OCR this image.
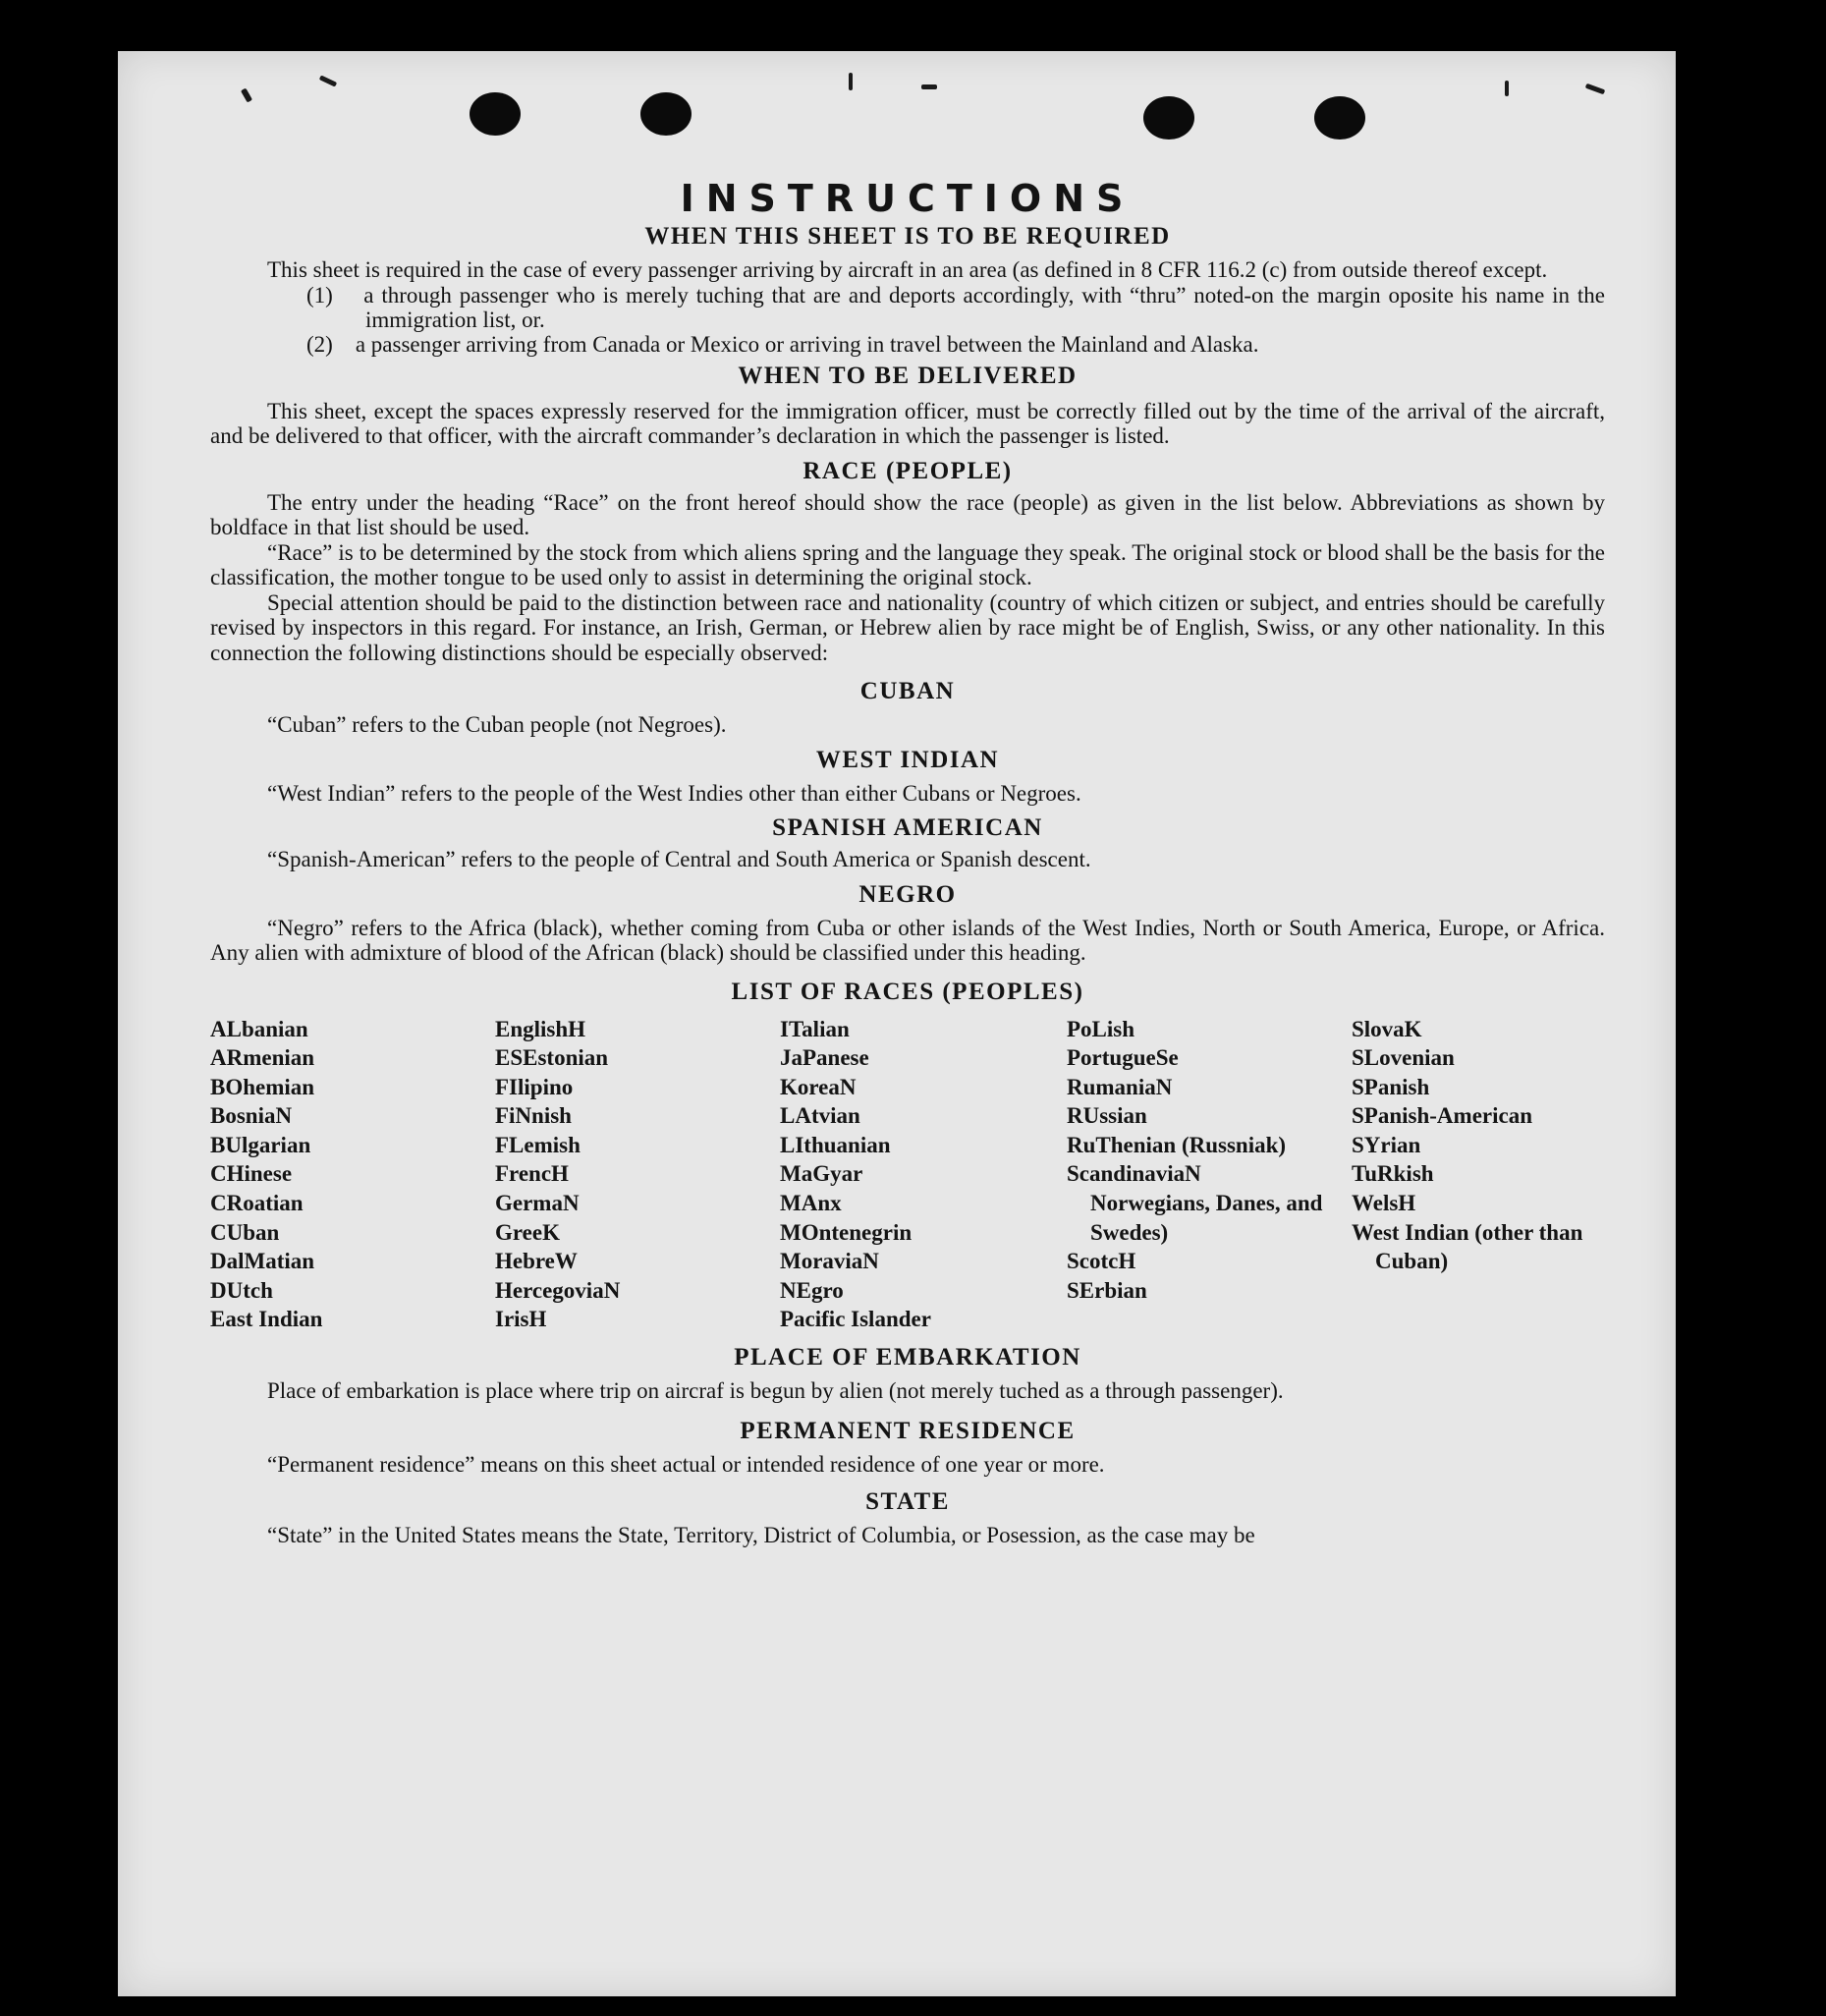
INSTRUCTIONS
WHEN THIS SHEET IS TO BE REQUIRED

This sheet is required in the case of every passenger arriving by aircraft in an area (as defined in 8 CFR 116.2 (c) from outside thereof except.

(1) a through passenger who is merely tuching that are and deports accordingly, with “thru” noted-on the margin oposite his name in the immigration list, or.

(2) a passenger arriving from Canada or Mexico or arriving in travel between the Mainland and Alaska.

WHEN TO BE DELIVERED

This sheet, except the spaces expressly reserved for the immigration officer, must be correctly filled out by the time of the arrival of the aircraft, and be delivered to that officer, with the aircraft commander’s declaration in which the passenger is listed.

RACE (PEOPLE)

The entry under the heading “Race” on the front hereof should show the race (people) as given in the list below. Abbreviations as shown by boldface in that list should be used.

“Race” is to be determined by the stock from which aliens spring and the language they speak. The original stock or blood shall be the basis for the classification, the mother tongue to be used only to assist in determining the original stock.

Special attention should be paid to the distinction between race and nationality (country of which citizen or subject, and entries should be carefully revised by inspectors in this regard. For instance, an Irish, German, or Hebrew alien by race might be of English, Swiss, or any other nationality. In this connection the following distinctions should be especially observed:

CUBAN

“Cuban” refers to the Cuban people (not Negroes).

WEST INDIAN

“West Indian” refers to the people of the West Indies other than either Cubans or Negroes.

SPANISH AMERICAN

“Spanish-American” refers to the people of Central and South America or Spanish descent.

NEGRO

“Negro” refers to the Africa (black), whether coming from Cuba or other islands of the West Indies, North or South America, Europe, or Africa. Any alien with admixture of blood of the African (black) should be classified under this heading.

LIST OF RACES (PEOPLES)
ALbanian
ARmenian
BOhemian
BosniaN
BUlgarian
CHinese
CRoatian
CUban
DalMatian
DUtch
East Indian
EnglishH
ESEstonian
FIlipino
FiNnish
FLemish
FrencH
GermaN
GreeK
HebreW
HercegoviaN
IrisH
ITalian
JaPanese
KoreaN
LAtvian
LIthuanian
MaGyar
MAnx
MOntenegrin
MoraviaN
NEgro
Pacific Islander
PoLish
PortugueSe
RumaniaN
RUssian
RuThenian (Russniak)
ScandinaviaN Norwegians, Danes, and Swedes)
ScotcH
SErbian
SlovaK
SLovenian
SPanish
SPanish-American
SYrian
TuRkish
WelsH
West Indian (other than Cuban)
PLACE OF EMBARKATION

Place of embarkation is place where trip on aircraf is begun by alien (not merely tuched as a through passenger).

PERMANENT RESIDENCE

“Permanent residence” means on this sheet actual or intended residence of one year or more.

STATE

“State” in the United States means the State, Territory, District of Columbia, or Posession, as the case may be
